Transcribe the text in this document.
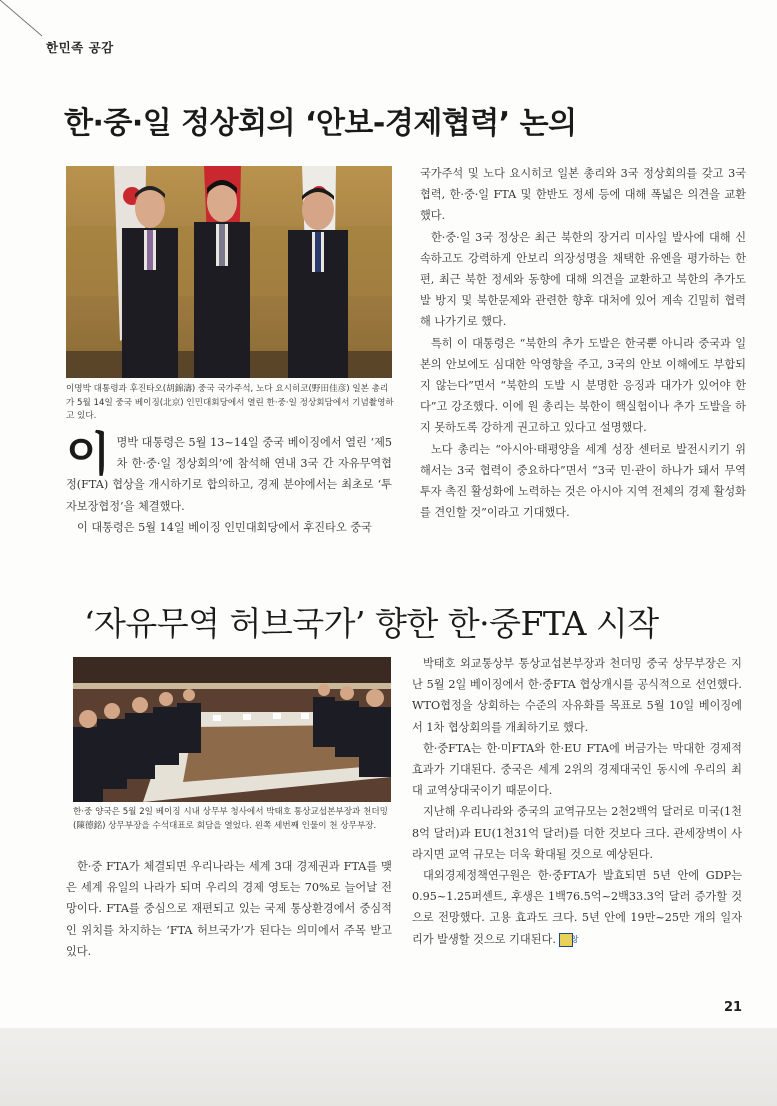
한민족 공감
한·중·일 정상회의 ‘안보-경제협력’ 논의
이명박 대통령과 후진타오(胡錦濤) 중국 국가주석, 노다 요시히코(野田佳彦) 일본 총리가 5월 14일 중국 베이징(北京) 인민대회당에서 열린 한·중·일 정상회담에서 기념촬영하고 있다.

이명박 대통령은 5월 13~14일 중국 베이징에서 열린 ‘제5차 한·중·일 정상회의’에 참석해 연내 3국 간 자유무역협정(FTA) 협상을 개시하기로 합의하고, 경제 분야에서는 최초로 ‘투자보장협정’을 체결했다.

이 대통령은 5월 14일 베이징 인민대회당에서 후진타오 중국

국가주석 및 노다 요시히코 일본 총리와 3국 정상회의를 갖고 3국 협력, 한·중·일 FTA 및 한반도 정세 등에 대해 폭넓은 의견을 교환했다.

한·중·일 3국 정상은 최근 북한의 장거리 미사일 발사에 대해 신속하고도 강력하게 안보리 의장성명을 채택한 유엔을 평가하는 한편, 최근 북한 정세와 동향에 대해 의견을 교환하고 북한의 추가도발 방지 및 북한문제와 관련한 향후 대처에 있어 계속 긴밀히 협력해 나가기로 했다.

특히 이 대통령은 “북한의 추가 도발은 한국뿐 아니라 중국과 일본의 안보에도 심대한 악영향을 주고, 3국의 안보 이해에도 부합되지 않는다”면서 “북한의 도발 시 분명한 응징과 대가가 있어야 한다”고 강조했다. 이에 원 총리는 북한이 핵실험이나 추가 도발을 하지 못하도록 강하게 권고하고 있다고 설명했다.

노다 총리는 “아시아·태평양을 세계 성장 센터로 발전시키기 위해서는 3국 협력이 중요하다”면서 “3국 민·관이 하나가 돼서 무역투자 촉진 활성화에 노력하는 것은 아시아 지역 전체의 경제 활성화를 견인할 것”이라고 기대했다.

‘자유무역 허브국가’ 향한 한·중FTA 시작
한·중 양국은 5월 2일 베이징 시내 상무부 청사에서 박태호 통상교섭본부장과 천더밍(陳德銘) 상무부장을 수석대표로 회담을 열었다. 왼쪽 세번째 인물이 천 상무부장.

한·중 FTA가 체결되면 우리나라는 세계 3대 경제권과 FTA를 맺은 세계 유일의 나라가 되며 우리의 경제 영토는 70%로 늘어날 전망이다. FTA를 중심으로 재편되고 있는 국제 통상환경에서 중심적인 위치를 차지하는 ‘FTA 허브국가’가 된다는 의미에서 주목 받고 있다.

박태호 외교통상부 통상교섭본부장과 천더밍 중국 상무부장은 지난 5월 2일 베이징에서 한·중FTA 협상개시를 공식적으로 선언했다. WTO협정을 상회하는 수준의 자유화를 목표로 5월 10일 베이징에서 1차 협상회의를 개최하기로 했다.

한·중FTA는 한·미FTA와 한·EU FTA에 버금가는 막대한 경제적 효과가 기대된다. 중국은 세계 2위의 경제대국인 동시에 우리의 최대 교역상대국이기 때문이다.

지난해 우리나라와 중국의 교역규모는 2천2백억 달러로 미국(1천8억 달러)과 EU(1천31억 달러)를 더한 것보다 크다. 관세장벽이 사라지면 교역 규모는 더욱 확대될 것으로 예상된다.

대외경제정책연구원은 한·중FTA가 발효되면 5년 안에 GDP는 0.95~1.25퍼센트, 후생은 1백76.5억~2백33.3억 달러 증가할 것으로 전망했다. 고용 효과도 크다. 5년 안에 19만~25만 개의 일자리가 발생할 것으로 기대된다. 창

21
